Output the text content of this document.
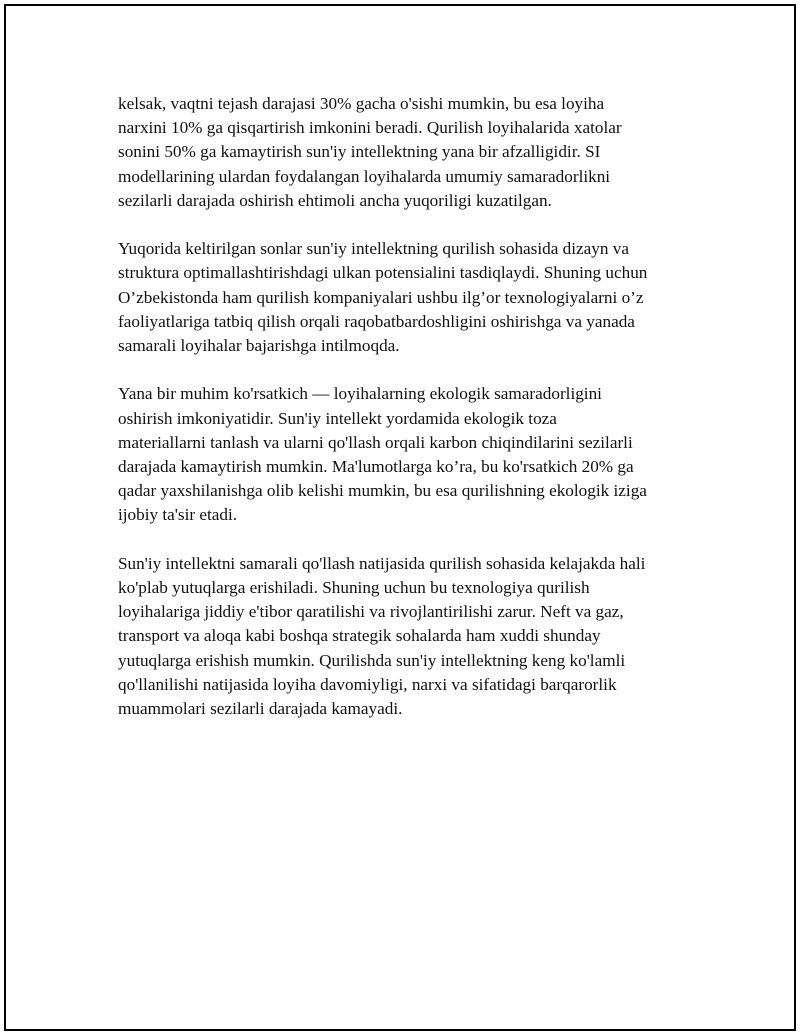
kelsak, vaqtni tejash darajasi 30% gacha o'sishi mumkin, bu esa loyiha
narxini 10% ga qisqartirish imkonini beradi. Qurilish loyihalarida xatolar
sonini 50% ga kamaytirish sun'iy intellektning yana bir afzalligidir. SI
modellarining ulardan foydalangan loyihalarda umumiy samaradorlikni
sezilarli darajada oshirish ehtimoli ancha yuqoriligi kuzatilgan.

Yuqorida keltirilgan sonlar sun'iy intellektning qurilish sohasida dizayn va
struktura optimallashtirishdagi ulkan potensialini tasdiqlaydi. Shuning uchun
O’zbekistonda ham qurilish kompaniyalari ushbu ilg’or texnologiyalarni o’z
faoliyatlariga tatbiq qilish orqali raqobatbardoshligini oshirishga va yanada
samarali loyihalar bajarishga intilmoqda.

Yana bir muhim ko'rsatkich — loyihalarning ekologik samaradorligini
oshirish imkoniyatidir. Sun'iy intellekt yordamida ekologik toza
materiallarni tanlash va ularni qo'llash orqali karbon chiqindilarini sezilarli
darajada kamaytirish mumkin. Ma'lumotlarga ko’ra, bu ko'rsatkich 20% ga
qadar yaxshilanishga olib kelishi mumkin, bu esa qurilishning ekologik iziga
ijobiy ta'sir etadi.

Sun'iy intellektni samarali qo'llash natijasida qurilish sohasida kelajakda hali
ko'plab yutuqlarga erishiladi. Shuning uchun bu texnologiya qurilish
loyihalariga jiddiy e'tibor qaratilishi va rivojlantirilishi zarur. Neft va gaz,
transport va aloqa kabi boshqa strategik sohalarda ham xuddi shunday
yutuqlarga erishish mumkin. Qurilishda sun'iy intellektning keng ko'lamli
qo'llanilishi natijasida loyiha davomiyligi, narxi va sifatidagi barqarorlik
muammolari sezilarli darajada kamayadi.
